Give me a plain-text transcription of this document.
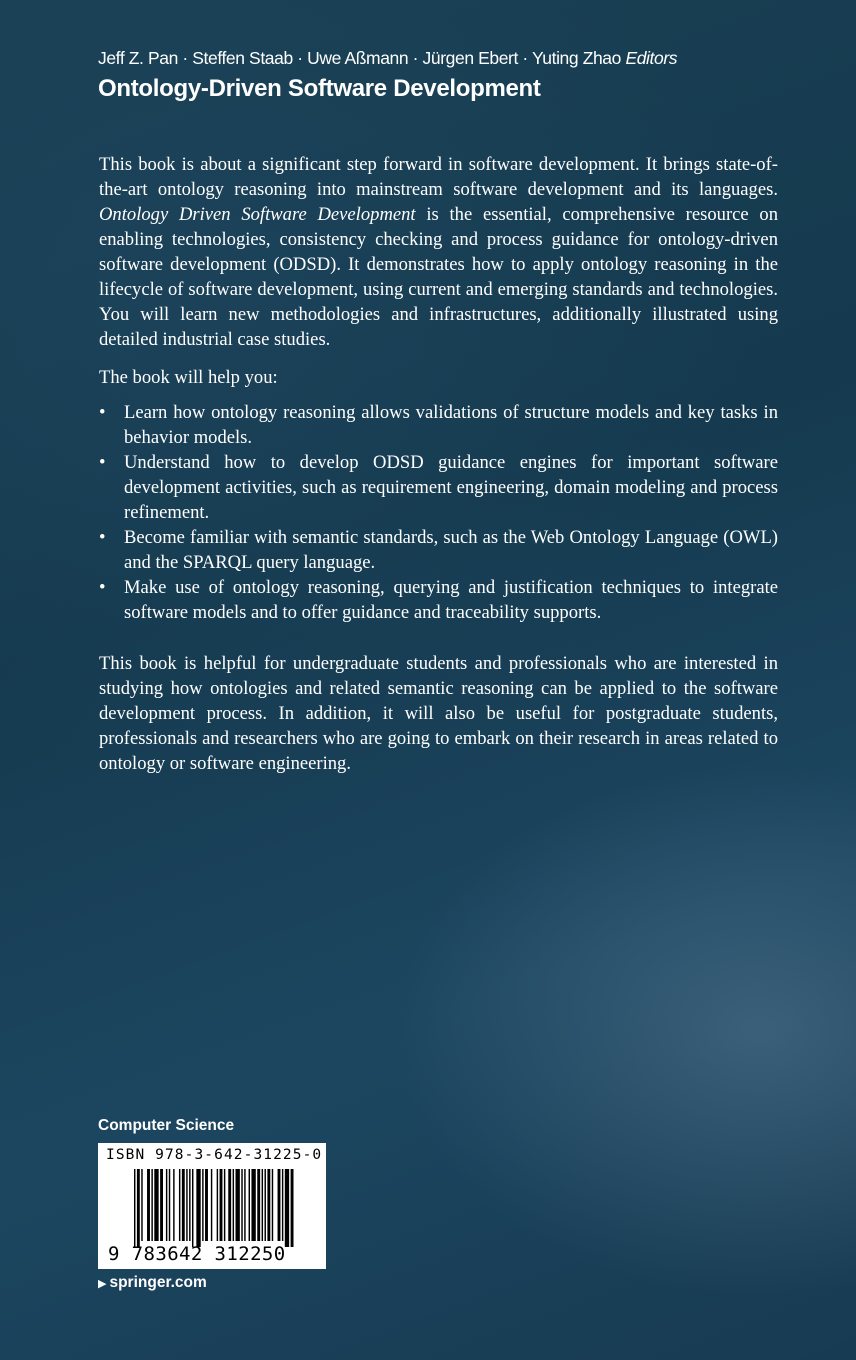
Jeff Z. Pan · Steffen Staab · Uwe Aßmann · Jürgen Ebert · Yuting Zhao Editors
Ontology-Driven Software Development

This book is about a significant step forward in software development. It brings state-of-the-art ontology reasoning into mainstream software development and its languages. Ontology Driven Software Development is the essential, comprehensive resource on enabling technologies, consistency checking and process guidance for ontology-driven software development (ODSD). It demonstrates how to apply ontology reasoning in the lifecycle of software development, using current and emerging standards and technologies. You will learn new methodologies and infrastructures, additionally illustrated using detailed industrial case studies.

The book will help you:

• Learn how ontology reasoning allows validations of structure models and key tasks in behavior models.
• Understand how to develop ODSD guidance engines for important software development activities, such as requirement engineering, domain modeling and process refinement.
• Become familiar with semantic standards, such as the Web Ontology Language (OWL) and the SPARQL query language.
• Make use of ontology reasoning, querying and justification techniques to integrate software models and to offer guidance and traceability supports.

This book is helpful for undergraduate students and professionals who are interested in studying how ontologies and related semantic reasoning can be applied to the software development process. In addition, it will also be useful for postgraduate students, professionals and researchers who are going to embark on their research in areas related to ontology or software engineering.

Computer Science
ISBN 978-3-642-31225-0
9 783642 312250
▶ springer.com
